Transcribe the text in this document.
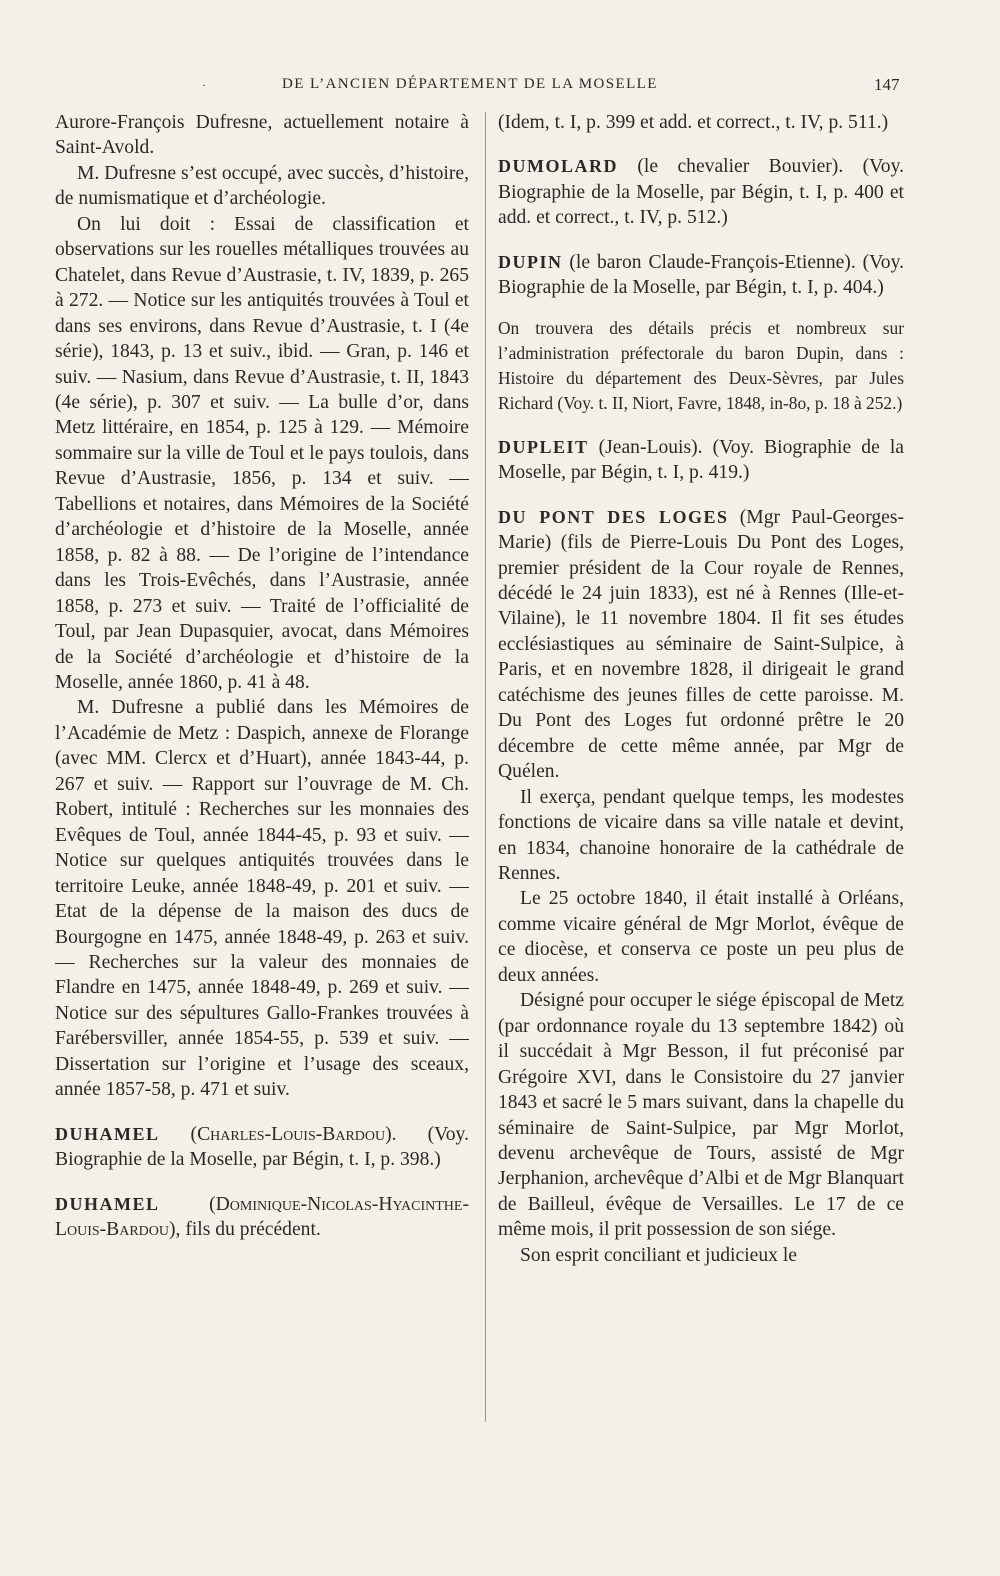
·	DE L’ANCIEN DÉPARTEMENT DE LA MOSELLE	147

Aurore-François Dufresne, actuellement notaire à Saint-Avold.

M. Dufresne s’est occupé, avec succès, d’histoire, de numismatique et d’archéologie.

On lui doit : Essai de classification et observations sur les rouelles métalliques trouvées au Chatelet, dans Revue d’Austrasie, t. IV, 1839, p. 265 à 272. — Notice sur les antiquités trouvées à Toul et dans ses environs, dans Revue d’Austrasie, t. I (4e série), 1843, p. 13 et suiv., ibid. — Gran, p. 146 et suiv. — Nasium, dans Revue d’Austrasie, t. II, 1843 (4e série), p. 307 et suiv. — La bulle d’or, dans Metz littéraire, en 1854, p. 125 à 129. — Mémoire sommaire sur la ville de Toul et le pays toulois, dans Revue d’Austrasie, 1856, p. 134 et suiv. — Tabellions et notaires, dans Mémoires de la Société d’archéologie et d’histoire de la Moselle, année 1858, p. 82 à 88. — De l’origine de l’intendance dans les Trois-Evêchés, dans l’Austrasie, année 1858, p. 273 et suiv. — Traité de l’officialité de Toul, par Jean Dupasquier, avocat, dans Mémoires de la Société d’archéologie et d’histoire de la Moselle, année 1860, p. 41 à 48.

M. Dufresne a publié dans les Mémoires de l’Académie de Metz : Daspich, annexe de Florange (avec MM. Clercx et d’Huart), année 1843-44, p. 267 et suiv. — Rapport sur l’ouvrage de M. Ch. Robert, intitulé : Recherches sur les monnaies des Evêques de Toul, année 1844-45, p. 93 et suiv. — Notice sur quelques antiquités trouvées dans le territoire Leuke, année 1848-49, p. 201 et suiv. — Etat de la dépense de la maison des ducs de Bourgogne en 1475, année 1848-49, p. 263 et suiv. — Recherches sur la valeur des monnaies de Flandre en 1475, année 1848-49, p. 269 et suiv. — Notice sur des sépultures Gallo-Frankes trouvées à Farébersviller, année 1854-55, p. 539 et suiv. — Dissertation sur l’origine et l’usage des sceaux, année 1857-58, p. 471 et suiv.

DUHAMEL (Charles-Louis-Bardou). (Voy. Biographie de la Moselle, par Bégin, t. I, p. 398.)

DUHAMEL	(Dominique-Nicolas-Hyacinthe-Louis-Bardou), fils du précédent.

(Idem, t. I, p. 399 et add. et correct., t. IV, p. 511.)

DUMOLARD (le chevalier Bouvier). (Voy. Biographie de la Moselle, par Bégin, t. I, p. 400 et add. et correct., t. IV, p. 512.)

DUPIN (le baron Claude-François-Etienne). (Voy. Biographie de la Moselle, par Bégin, t. I, p. 404.)

On trouvera des détails précis et nombreux sur l’administration préfectorale du baron Dupin, dans : Histoire du département des Deux-Sèvres, par Jules Richard (Voy. t. II, Niort, Favre, 1848, in-8o, p. 18 à 252.)

DUPLEIT (Jean-Louis). (Voy. Biographie de la Moselle, par Bégin, t. I, p. 419.)

DU PONT DES LOGES (Mgr Paul-Georges-Marie) (fils de Pierre-Louis Du Pont des Loges, premier président de la Cour royale de Rennes, décédé le 24 juin 1833), est né à Rennes (Ille-et-Vilaine), le 11 novembre 1804. Il fit ses études ecclésiastiques au séminaire de Saint-Sulpice, à Paris, et en novembre 1828, il dirigeait le grand catéchisme des jeunes filles de cette paroisse. M. Du Pont des Loges fut ordonné prêtre le 20 décembre de cette même année, par Mgr de Quélen.

Il exerça, pendant quelque temps, les modestes fonctions de vicaire dans sa ville natale et devint, en 1834, chanoine honoraire de la cathédrale de Rennes.

Le 25 octobre 1840, il était installé à Orléans, comme vicaire général de Mgr Morlot, évêque de ce diocèse, et conserva ce poste un peu plus de deux années.

Désigné pour occuper le siége épiscopal de Metz (par ordonnance royale du 13 septembre 1842) où il succédait à Mgr Besson, il fut préconisé par Grégoire XVI, dans le Consistoire du 27 janvier 1843 et sacré le 5 mars suivant, dans la chapelle du séminaire de Saint-Sulpice, par Mgr Morlot, devenu archevêque de Tours, assisté de Mgr Jerphanion, archevêque d’Albi et de Mgr Blanquart de Bailleul, évêque de Versailles. Le 17 de ce même mois, il prit possession de son siége.

Son esprit conciliant et judicieux le
